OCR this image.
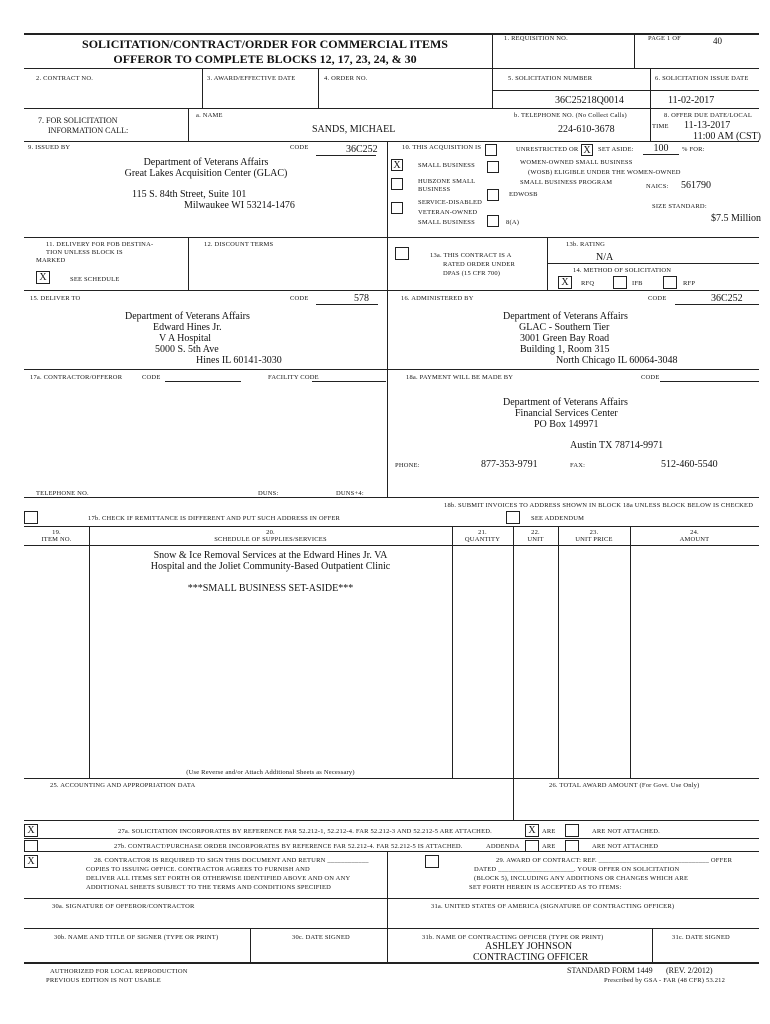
SOLICITATION/CONTRACT/ORDER FOR COMMERCIAL ITEMS
OFFEROR TO COMPLETE BLOCKS 12, 17, 23, 24, & 30
1. REQUISITION NO.	PAGE 1 OF	40
2. CONTRACT NO.	3. AWARD/EFFECTIVE DATE	4. ORDER NO.	5. SOLICITATION NUMBER	6. SOLICITATION ISSUE DATE
36C25218Q0014	11-02-2017
7. FOR SOLICITATION
INFORMATION CALL:
a. NAME
SANDS, MICHAEL
b. TELEPHONE NO. (No Collect Calls)
224-610-3678
8. OFFER DUE DATE/LOCAL
TIME 11-13-2017
11:00 AM (CST)
9. ISSUED BY	CODE	36C252
Department of Veterans Affairs
Great Lakes Acquisition Center (GLAC)
115 S. 84th Street, Suite 101
Milwaukee WI 53214-1476
10. THIS ACQUISITION IS	UNRESTRICTED OR X	SET ASIDE:	100	% FOR:
X	SMALL BUSINESS
HUBZONE SMALL
BUSINESS
SERVICE-DISABLED
VETERAN-OWNED
SMALL BUSINESS
WOMEN-OWNED SMALL BUSINESS
(WOSB) ELIGIBLE UNDER THE WOMEN-OWNED
SMALL BUSINESS PROGRAM
EDWOSB
8(A)
NAICS: 561790
SIZE STANDARD:
$7.5 Million
11. DELIVERY FOR FOB DESTINA-
TION UNLESS BLOCK IS
MARKED
X	SEE SCHEDULE
12. DISCOUNT TERMS
13a. THIS CONTRACT IS A
RATED ORDER UNDER
DPAS (15 CFR 700)
13b. RATING
N/A
14. METHOD OF SOLICITATION
X	RFQ	IFB	RFP
15. DELIVER TO	CODE	578
Department of Veterans Affairs
Edward Hines Jr.
V A Hospital
5000 S. 5th Ave
Hines IL 60141-3030
16. ADMINISTERED BY	CODE	36C252
Department of Veterans Affairs
GLAC - Southern Tier
3001 Green Bay Road
Building 1, Room 315
North Chicago IL 60064-3048
17a. CONTRACTOR/OFFEROR	CODE	FACILITY CODE
TELEPHONE NO.	DUNS:	DUNS+4:
17b. CHECK IF REMITTANCE IS DIFFERENT AND PUT SUCH ADDRESS IN OFFER
18a. PAYMENT WILL BE MADE BY	CODE
Department of Veterans Affairs
Financial Services Center
PO Box 149971
Austin TX 78714-9971
PHONE:	877-353-9791	FAX:	512-460-5540
18b. SUBMIT INVOICES TO ADDRESS SHOWN IN BLOCK 18a UNLESS BLOCK BELOW IS CHECKED
SEE ADDENDUM
19.
ITEM NO.
20.
SCHEDULE OF SUPPLIES/SERVICES
21.
QUANTITY
22.
UNIT
23.
UNIT PRICE
24.
AMOUNT
Snow & Ice Removal Services at the Edward Hines Jr. VA
Hospital and the Joliet Community-Based Outpatient Clinic
***SMALL BUSINESS SET-ASIDE***
(Use Reverse and/or Attach Additional Sheets as Necessary)
25. ACCOUNTING AND APPROPRIATION DATA	26. TOTAL AWARD AMOUNT (For Govt. Use Only)
X	27a. SOLICITATION INCORPORATES BY REFERENCE FAR 52.212-1, 52.212-4. FAR 52.212-3 AND 52.212-5 ARE ATTACHED.	X ARE	ARE NOT ATTACHED.
27b. CONTRACT/PURCHASE ORDER INCORPORATES BY REFERENCE FAR 52.212-4. FAR 52.212-5 IS ATTACHED.	ADDENDA	ARE	ARE NOT ATTACHED
X	28. CONTRACTOR IS REQUIRED TO SIGN THIS DOCUMENT AND RETURN ____________
COPIES TO ISSUING OFFICE. CONTRACTOR AGREES TO FURNISH AND
DELIVER ALL ITEMS SET FORTH OR OTHERWISE IDENTIFIED ABOVE AND ON ANY
ADDITIONAL SHEETS SUBJECT TO THE TERMS AND CONDITIONS SPECIFIED
29. AWARD OF CONTRACT: REF. ________________________________ OFFER
DATED ______________________. YOUR OFFER ON SOLICITATION
(BLOCK 5), INCLUDING ANY ADDITIONS OR CHANGES WHICH ARE
SET FORTH HEREIN IS ACCEPTED AS TO ITEMS:
30a. SIGNATURE OF OFFEROR/CONTRACTOR	31a. UNITED STATES OF AMERICA (SIGNATURE OF CONTRACTING OFFICER)
30b. NAME AND TITLE OF SIGNER (TYPE OR PRINT)	30c. DATE SIGNED	31b. NAME OF CONTRACTING OFFICER (TYPE OR PRINT)
ASHLEY JOHNSON
CONTRACTING OFFICER
31c. DATE SIGNED
AUTHORIZED FOR LOCAL REPRODUCTION
PREVIOUS EDITION IS NOT USABLE
STANDARD FORM 1449 (REV. 2/2012)
Prescribed by GSA - FAR (48 CFR) 53.212
